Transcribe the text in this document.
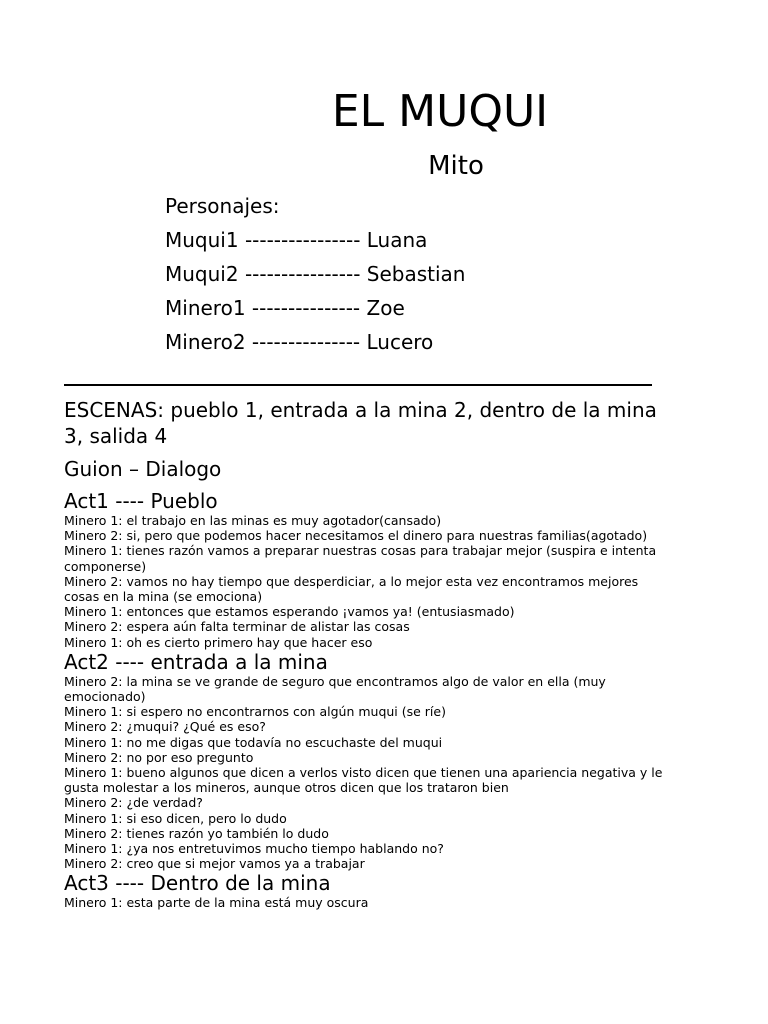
EL MUQUI
Mito
Personajes:
Muqui1 ---------------- Luana
Muqui2 ---------------- Sebastian
Minero1 --------------- Zoe
Minero2 --------------- Lucero
ESCENAS: pueblo 1, entrada a la mina 2, dentro de la mina 3, salida 4
Guion – Dialogo
Act1 ---- Pueblo
Minero 1: el trabajo en las minas es muy agotador(cansado)
Minero 2: si, pero que podemos hacer necesitamos el dinero para nuestras familias(agotado)
Minero 1: tienes razón vamos a preparar nuestras cosas para trabajar mejor (suspira e intenta componerse)
Minero 2: vamos no hay tiempo que desperdiciar, a lo mejor esta vez encontramos mejores cosas en la mina (se emociona)
Minero 1: entonces que estamos esperando ¡vamos ya! (entusiasmado)
Minero 2: espera aún falta terminar de alistar las cosas
Minero 1: oh es cierto primero hay que hacer eso
Act2 ---- entrada a la mina
Minero 2: la mina se ve grande de seguro que encontramos algo de valor en ella (muy emocionado)
Minero 1: si espero no encontrarnos con algún muqui (se ríe)
Minero 2: ¿muqui? ¿Qué es eso?
Minero 1: no me digas que todavía no escuchaste del muqui
Minero 2: no por eso pregunto
Minero 1: bueno algunos que dicen a verlos visto dicen que tienen una apariencia negativa y le gusta molestar a los mineros, aunque otros dicen que los trataron bien
Minero 2: ¿de verdad?
Minero 1: si eso dicen, pero lo dudo
Minero 2: tienes razón yo también lo dudo
Minero 1: ¿ya nos entretuvimos mucho tiempo hablando no?
Minero 2: creo que si mejor vamos ya a trabajar
Act3 ---- Dentro de la mina
Minero 1: esta parte de la mina está muy oscura
